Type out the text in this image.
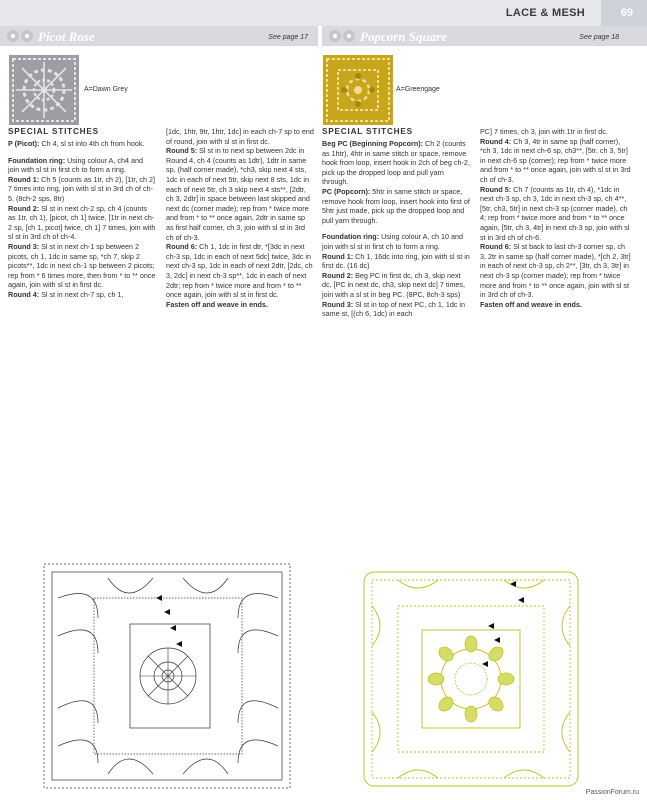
LACE & MESH	69
Picot Rose	See page 17
A=Dawn Grey
SPECIAL STITCHES

P (Picot): Ch 4, sl st into 4th ch from hook.

Foundation ring: Using colour A, ch4 and join with sl st in first ch to form a ring.

Round 1: Ch 5 (counts as 1tr, ch 2), [1tr, ch 2] 7 times into ring, join with sl st in 3rd ch of ch-5. (8ch-2 sps, 8tr)

Round 2: Sl st in next ch-2 sp, ch 4 (counts as 1tr, ch 1), [picot, ch 1] twice, [1tr in next ch-2 sp, [ch 1, picot] twice, ch 1] 7 times, join with sl st in 3rd ch of ch-4.

Round 3: Sl st in next ch-1 sp between 2 picots, ch 1, 1dc in same sp, *ch 7, skip 2 picots**, 1dc in next ch-1 sp between 2 picots; rep from * 6 times more, then from * to ** once again, join with sl st in first dc.

Round 4: Sl st in next ch-7 sp, ch 1,

[1dc, 1htr, 9tr, 1htr, 1dc] in each ch-7 sp to end of round, join with sl st in first dc.

Round 5: Sl st in to next sp between 2dc in Round 4, ch 4 (counts as 1dtr), 1dtr in same sp, (half corner made), *ch3, skip next 4 sts, 1dc in each of next 5tr, skip next 8 sts, 1dc in each of next 5tr, ch 3 skip next 4 sts**, [2dtr, ch 3, 2dtr] in space between last skipped and next dc (corner made); rep from * twice more and from * to ** once again, 2dtr in same sp as first half corner, ch 3, join with sl st in 3rd ch of ch-3.

Round 6: Ch 1, 1dc in first dtr, *[3dc in next ch-3 sp, 1dc in each of next 5dc] twice, 3dc in next ch-3 sp, 1dc in each of next 2dtr, [2dc, ch 3, 2dc] in next ch-3 sp**, 1dc in each of next 2dtr; rep from * twice more and from * to ** once again, join with sl st in first dc.

Fasten off and weave in ends.

Popcorn Square	See page 18
A=Greengage
SPECIAL STITCHES

Beg PC (Beginning Popcorn): Ch 2 (counts as 1htr), 4htr in same stitch or space, remove hook from loop, insert hook in 2ch of beg ch-2, pick up the dropped loop and pull yarn through.

PC (Popcorn): 5htr in same stitch or space, remove hook from loop, insert hook into first of 5htr just made, pick up the dropped loop and pull yarn through.

Foundation ring: Using colour A, ch 10 and join with sl st in first ch to form a ring.

Round 1: Ch 1, 16dc into ring, join with sl st in first dc. (16 dc)

Round 2: Beg PC in first dc, ch 3, skip next dc, [PC in next dc, ch3, skip next dc] 7 times, join with a sl st in beg PC. (8PC, 8ch-3 sps)

Round 3: Sl st in top of next PC, ch 1, 1dc in same st, [(ch 6, 1dc) in each

PC] 7 times, ch 3, join with 1tr in first dc.

Round 4: Ch 3, 4tr in same sp (half corner), *ch 3, 1dc in next ch-6 sp, ch3**, [5tr, ch 3, 5tr] in next ch-6 sp (corner); rep from * twice more and from * to ** once again, join with sl st in 3rd ch of ch-3.

Round 5: Ch 7 (counts as 1tr, ch 4), *1dc in next ch-3 sp, ch 3, 1dc in next ch-3 sp, ch 4**, [5tr, ch3, 5tr] in next ch-3 sp (corner made), ch 4; rep from * twice more and from * to ** once again, [5tr, ch 3, 4tr] in next ch-3 sp, join with sl st in 3rd ch of ch-6.

Round 6: Sl st back to last ch-3 corner sp, ch 3, 2tr in same sp (half corner made), *[ch 2, 3tr] in each of next ch-3 sp, ch 2**, [3tr, ch 3, 3tr] in next ch-3 sp (corner made); rep from * twice more and from * to ** once again, join with sl st in 3rd ch of ch-3.

Fasten off and weave in ends.

PassionForum.ru
